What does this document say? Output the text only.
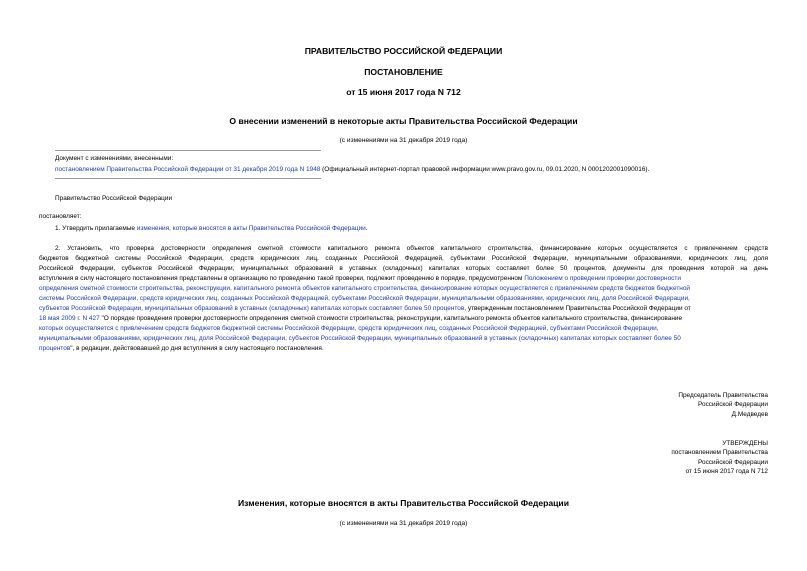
ПРАВИТЕЛЬСТВО РОССИЙСКОЙ ФЕДЕРАЦИИ
ПОСТАНОВЛЕНИЕ
от 15 июня 2017 года N 712
О внесении изменений в некоторые акты Правительства Российской Федерации
(с изменениями на 31 декабря 2019 года)
Документ с изменениями, внесенными:
постановлением Правительства Российской Федерации от 31 декабря 2019 года N 1948 (Официальный интернет-портал правовой информации www.pravo.gov.ru, 09.01.2020, N 0001202001090016).
Правительство Российской Федерации
постановляет:
1. Утвердить прилагаемые изменения, которые вносятся в акты Правительства Российской Федерации.
2. Установить, что проверка достоверности определения сметной стоимости капитального ремонта объектов капитального строительства, финансирование которых осуществляется с привлечением средств
бюджетов бюджетной системы Российской Федерации, средств юридических лиц, созданных Российской Федерацией, субъектами Российской Федерации, муниципальными образованиями, юридических лиц, доля
Российской Федерации, субъектов Российской Федерации, муниципальных образований в уставных (складочных) капиталах которых составляет более 50 процентов, документы для проведения которой на день
вступления в силу настоящего постановления представлены в организацию по проведению такой проверки, подлежит проведению в порядке, предусмотренном Положением о проведении проверки достоверности
определения сметной стоимости строительства, реконструкции, капитального ремонта объектов капитального строительства, финансирование которых осуществляется с привлечением средств бюджетов бюджетной
системы Российской Федерации, средств юридических лиц, созданных Российской Федерацией, субъектами Российской Федерации, муниципальными образованиями, юридических лиц, доля Российской Федерации,
субъектов Российской Федерации, муниципальных образований в уставных (складочных) капиталах которых составляет более 50 процентов, утвержденным постановлением Правительства Российской Федерации от
18 мая 2009 г. N 427 "О порядке проведения проверки достоверности определения сметной стоимости строительства, реконструкции, капитального ремонта объектов капитального строительства, финансирование
которых осуществляется с привлечением средств бюджетов бюджетной системы Российской Федерации, средств юридических лиц, созданных Российской Федерацией, субъектами Российской Федерации,
муниципальными образованиями, юридических лиц, доля Российской Федерации, субъектов Российской Федерации, муниципальных образований в уставных (складочных) капиталах которых составляет более 50
процентов", в редакции, действовавшей до дня вступления в силу настоящего постановления.
Председатель Правительства
Российской Федерации
Д.Медведев
УТВЕРЖДЕНЫ
постановлением Правительства
Российской Федерации
от 15 июня 2017 года N 712
Изменения, которые вносятся в акты Правительства Российской Федерации
(с изменениями на 31 декабря 2019 года)
